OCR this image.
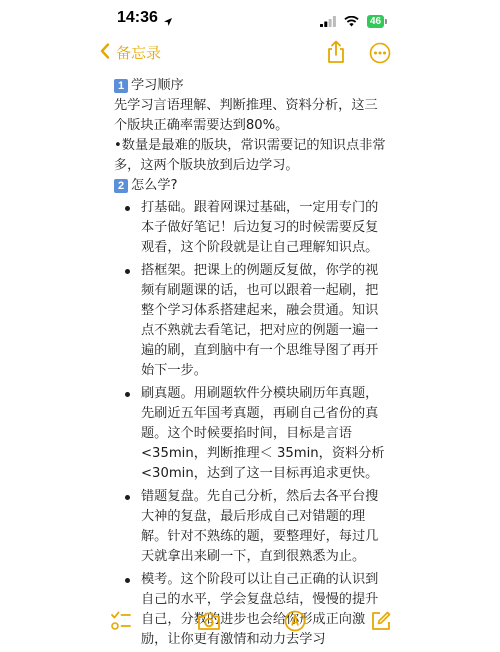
14:36	46
备忘录

1 学习顺序

先学习言语理解、判断推理、资料分析，这三

个版块正确率需要达到80%。

•数量是最难的版块，常识需要记的知识点非常

多，这两个版块放到后边学习。

2 怎么学?

打基础。跟着网课过基础，一定用专门的
本子做好笔记！后边复习的时候需要反复
观看，这个阶段就是让自己理解知识点。
搭框架。把课上的例题反复做，你学的视
频有刷题课的话，也可以跟着一起刷，把
整个学习体系搭建起来，融会贯通。知识
点不熟就去看笔记，把对应的例题一遍一
遍的刷，直到脑中有一个思维导图了再开
始下一步。
刷真题。用刷题软件分模块刷历年真题，
先刷近五年国考真题，再刷自己省份的真
题。这个时候要掐时间，目标是言语
<35min，判断推理＜ 35min，资料分析
<30min，达到了这一目标再追求更快。
错题复盘。先自己分析，然后去各平台搜
大神的复盘，最后形成自己对错题的理
解。针对不熟练的题，要整理好，每过几
天就拿出来刷一下，直到很熟悉为止。
模考。这个阶段可以让自己正确的认识到
自己的水平，学会复盘总结，慢慢的提升
自己，分数的进步也会给你形成正向激
励，让你更有激情和动力去学习
